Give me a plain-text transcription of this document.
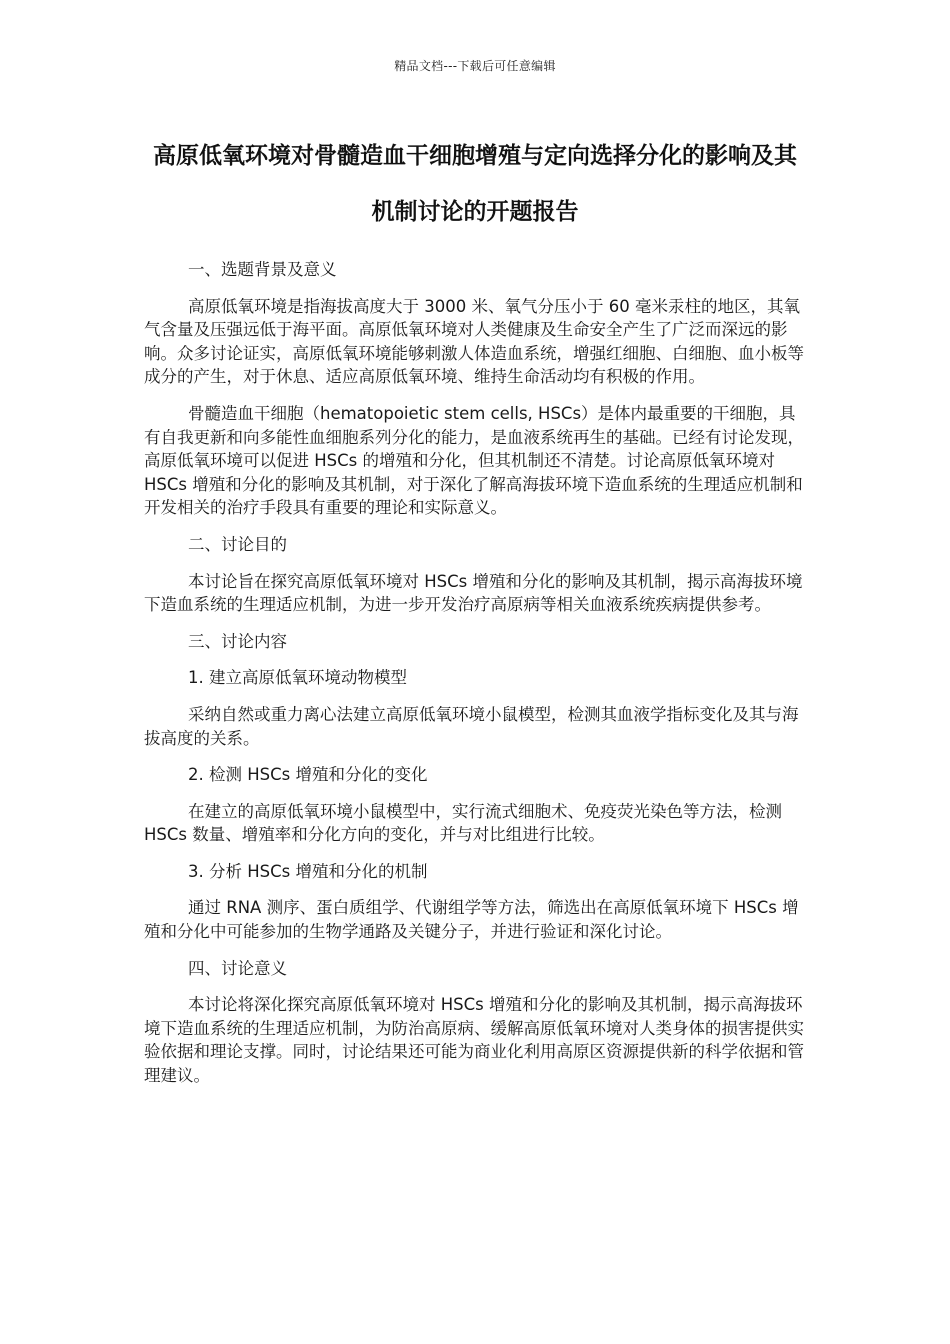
精品文档---下载后可任意编辑
高原低氧环境对骨髓造血干细胞增殖与定向选择分化的影响及其机制讨论的开题报告

一、选题背景及意义

高原低氧环境是指海拔高度大于 3000 米、氧气分压小于 60 毫米汞柱的地区，其氧气含量及压强远低于海平面。高原低氧环境对人类健康及生命安全产生了广泛而深远的影响。众多讨论证实，高原低氧环境能够刺激人体造血系统，增强红细胞、白细胞、血小板等成分的产生，对于休息、适应高原低氧环境、维持生命活动均有积极的作用。

骨髓造血干细胞（hematopoietic stem cells, HSCs）是体内最重要的干细胞，具有自我更新和向多能性血细胞系列分化的能力，是血液系统再生的基础。已经有讨论发现，高原低氧环境可以促进 HSCs 的增殖和分化，但其机制还不清楚。讨论高原低氧环境对 HSCs 增殖和分化的影响及其机制，对于深化了解高海拔环境下造血系统的生理适应机制和开发相关的治疗手段具有重要的理论和实际意义。

二、讨论目的

本讨论旨在探究高原低氧环境对 HSCs 增殖和分化的影响及其机制，揭示高海拔环境下造血系统的生理适应机制，为进一步开发治疗高原病等相关血液系统疾病提供参考。

三、讨论内容

1. 建立高原低氧环境动物模型

采纳自然或重力离心法建立高原低氧环境小鼠模型，检测其血液学指标变化及其与海拔高度的关系。

2. 检测 HSCs 增殖和分化的变化

在建立的高原低氧环境小鼠模型中，实行流式细胞术、免疫荧光染色等方法，检测 HSCs 数量、增殖率和分化方向的变化，并与对比组进行比较。

3. 分析 HSCs 增殖和分化的机制

通过 RNA 测序、蛋白质组学、代谢组学等方法，筛选出在高原低氧环境下 HSCs 增殖和分化中可能参加的生物学通路及关键分子，并进行验证和深化讨论。

四、讨论意义

本讨论将深化探究高原低氧环境对 HSCs 增殖和分化的影响及其机制，揭示高海拔环境下造血系统的生理适应机制，为防治高原病、缓解高原低氧环境对人类身体的损害提供实验依据和理论支撑。同时，讨论结果还可能为商业化利用高原区资源提供新的科学依据和管理建议。
